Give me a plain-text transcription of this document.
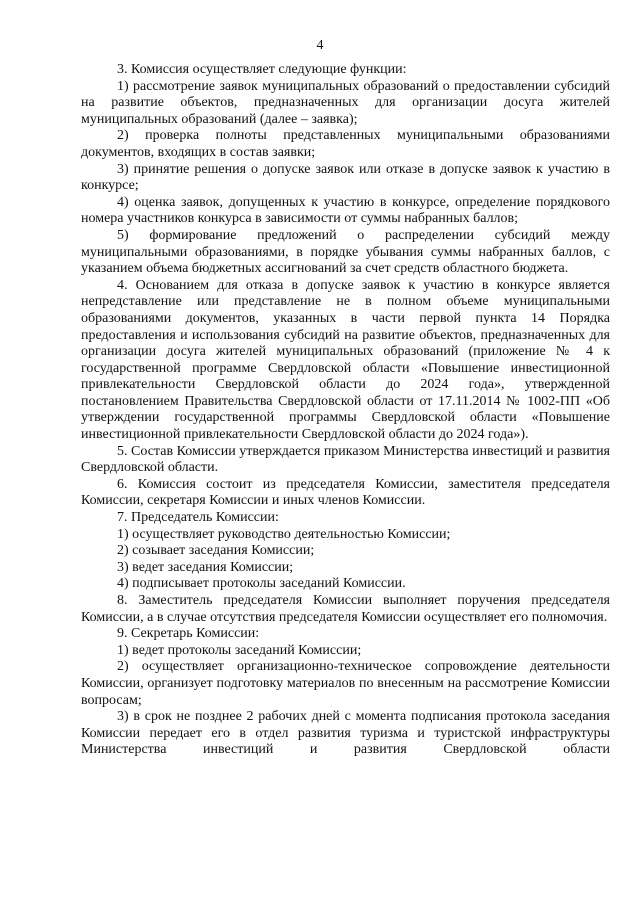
4

3. Комиссия осуществляет следующие функции:

1) рассмотрение заявок муниципальных образований о предоставлении субсидий на развитие объектов, предназначенных для организации досуга жителей муниципальных образований (далее – заявка);

2) проверка полноты представленных муниципальными образованиями документов, входящих в состав заявки;

3) принятие решения о допуске заявок или отказе в допуске заявок к участию в конкурсе;

4) оценка заявок, допущенных к участию в конкурсе, определение порядкового номера участников конкурса в зависимости от суммы набранных баллов;

5) формирование предложений о распределении субсидий между муниципальными образованиями, в порядке убывания суммы набранных баллов, с указанием объема бюджетных ассигнований за счет средств областного бюджета.

4. Основанием для отказа в допуске заявок к участию в конкурсе является непредставление или представление не в полном объеме муниципальными образованиями документов, указанных в части первой пункта 14 Порядка предоставления и использования субсидий на развитие объектов, предназначенных для организации досуга жителей муниципальных образований (приложение № 4 к государственной программе Свердловской области «Повышение инвестиционной привлекательности Свердловской области до 2024 года», утвержденной постановлением Правительства Свердловской области от 17.11.2014 № 1002-ПП «Об утверждении государственной программы Свердловской области «Повышение инвестиционной привлекательности Свердловской области до 2024 года»).

5. Состав Комиссии утверждается приказом Министерства инвестиций и развития Свердловской области.

6. Комиссия состоит из председателя Комиссии, заместителя председателя Комиссии, секретаря Комиссии и иных членов Комиссии.

7. Председатель Комиссии:

1) осуществляет руководство деятельностью Комиссии;

2) созывает заседания Комиссии;

3) ведет заседания Комиссии;

4) подписывает протоколы заседаний Комиссии.

8. Заместитель председателя Комиссии выполняет поручения председателя Комиссии, а в случае отсутствия председателя Комиссии осуществляет его полномочия.

9. Секретарь Комиссии:

1) ведет протоколы заседаний Комиссии;

2) осуществляет организационно-техническое сопровождение деятельности Комиссии, организует подготовку материалов по внесенным на рассмотрение Комиссии вопросам;

3) в срок не позднее 2 рабочих дней с момента подписания протокола заседания Комиссии передает его в отдел развития туризма и туристской инфраструктуры Министерства инвестиций и развития Свердловской области
